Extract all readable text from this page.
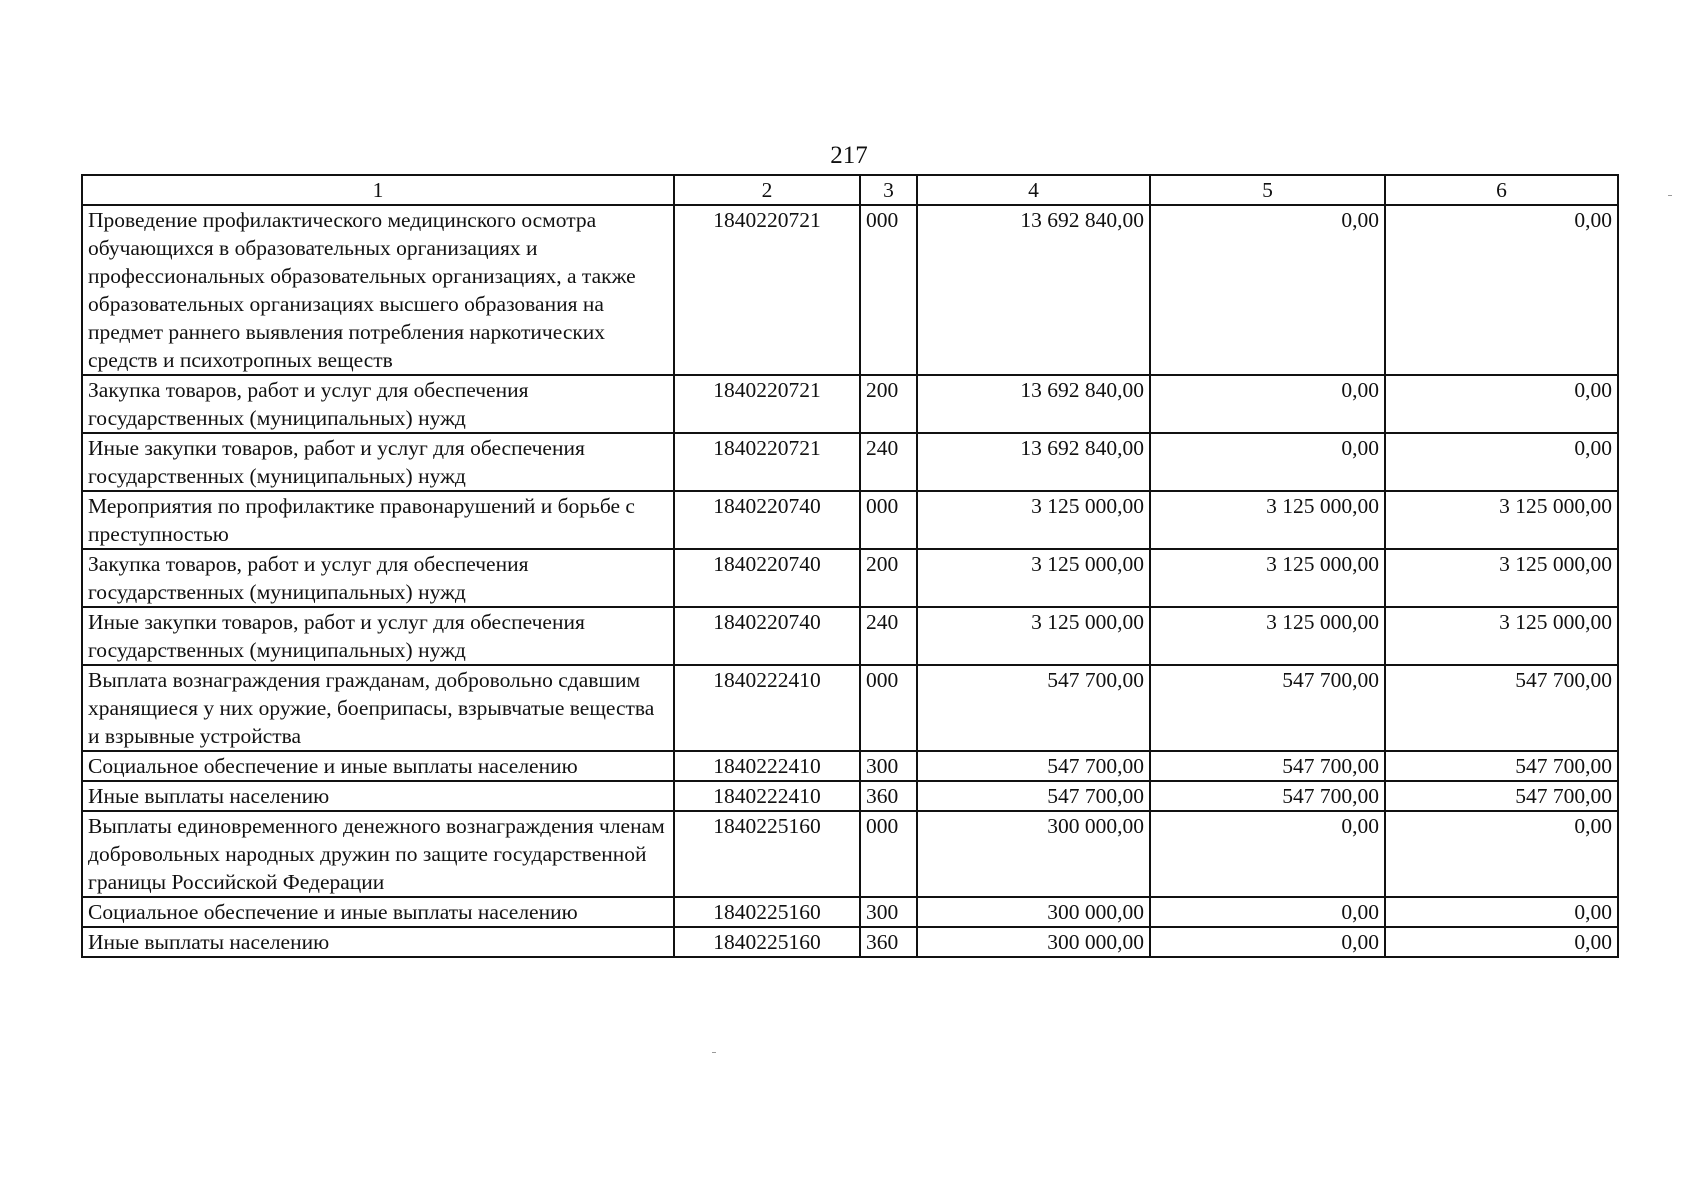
217
1	2	3	4	5	6
Проведение профилактического медицинского осмотра обучающихся в образовательных организациях и профессиональных образовательных организациях, а также образовательных организациях высшего образования на предмет раннего выявления потребления наркотических средств и психотропных веществ	1840220721	000	13 692 840,00	0,00	0,00
Закупка товаров, работ и услуг для обеспечения государственных (муниципальных) нужд	1840220721	200	13 692 840,00	0,00	0,00
Иные закупки товаров, работ и услуг для обеспечения государственных (муниципальных) нужд	1840220721	240	13 692 840,00	0,00	0,00
Мероприятия по профилактике правонарушений и борьбе с преступностью	1840220740	000	3 125 000,00	3 125 000,00	3 125 000,00
Закупка товаров, работ и услуг для обеспечения государственных (муниципальных) нужд	1840220740	200	3 125 000,00	3 125 000,00	3 125 000,00
Иные закупки товаров, работ и услуг для обеспечения государственных (муниципальных) нужд	1840220740	240	3 125 000,00	3 125 000,00	3 125 000,00
Выплата вознаграждения гражданам, добровольно сдавшим хранящиеся у них оружие, боеприпасы, взрывчатые вещества и взрывные устройства	1840222410	000	547 700,00	547 700,00	547 700,00
Социальное обеспечение и иные выплаты населению	1840222410	300	547 700,00	547 700,00	547 700,00
Иные выплаты населению	1840222410	360	547 700,00	547 700,00	547 700,00
Выплаты единовременного денежного вознаграждения членам добровольных народных дружин по защите государственной границы Российской Федерации	1840225160	000	300 000,00	0,00	0,00
Социальное обеспечение и иные выплаты населению	1840225160	300	300 000,00	0,00	0,00
Иные выплаты населению	1840225160	360	300 000,00	0,00	0,00
